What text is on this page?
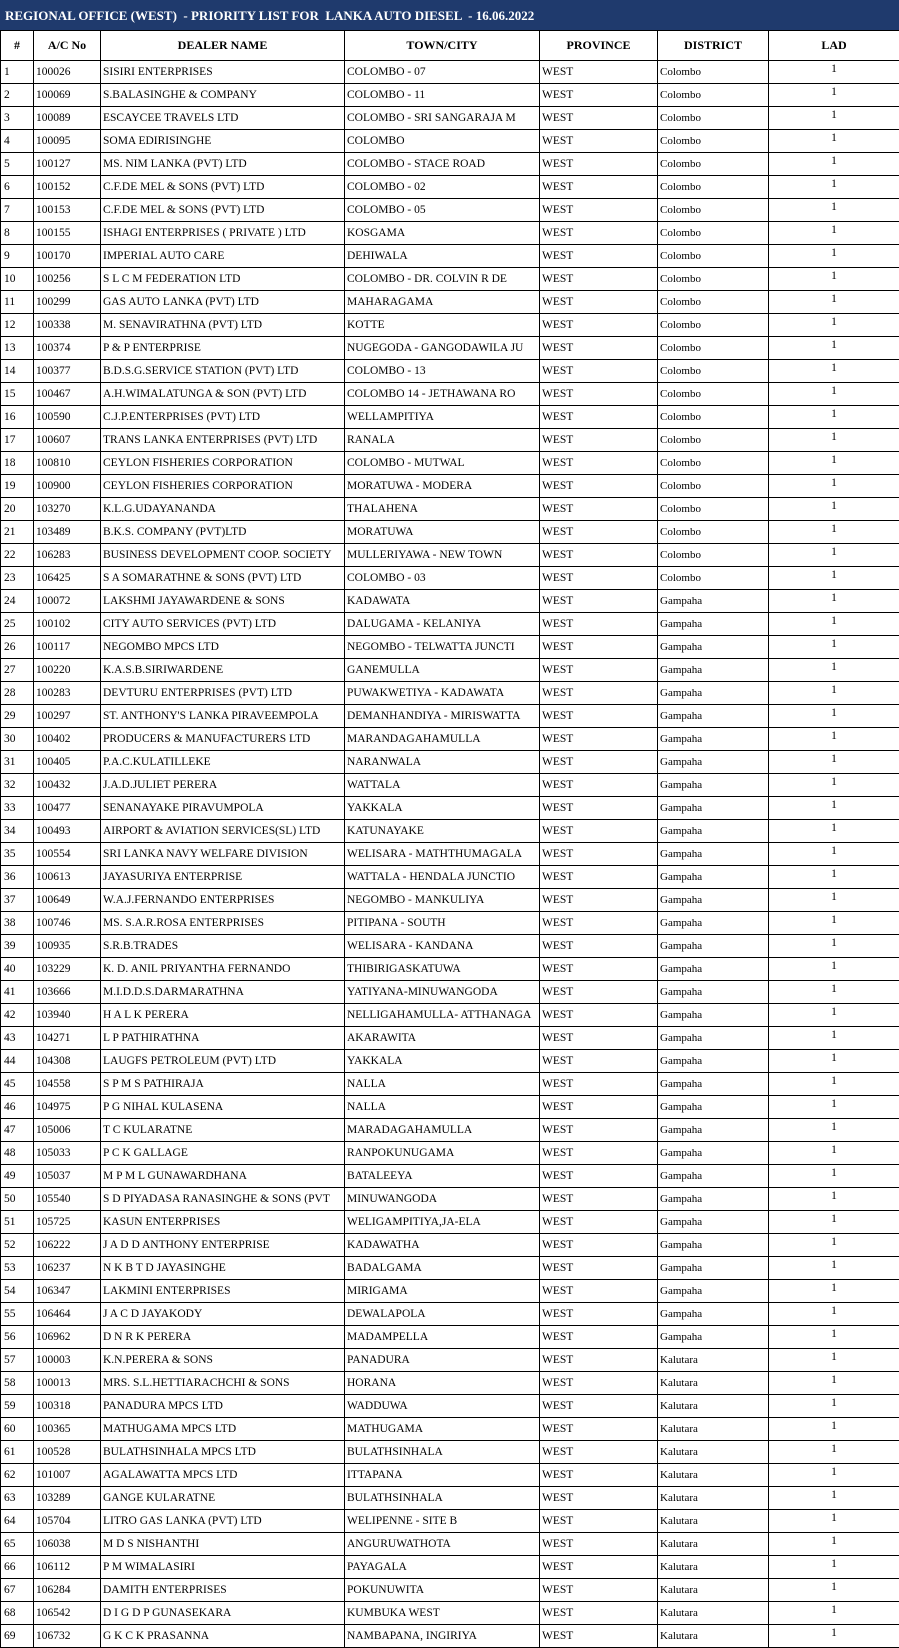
REGIONAL OFFICE (WEST)  - PRIORITY LIST FOR  LANKA AUTO DIESEL  - 16.06.2022
#	A/C No	DEALER NAME	TOWN/CITY	PROVINCE	DISTRICT	LAD
1	100026	SISIRI ENTERPRISES	COLOMBO - 07	WEST	Colombo	1
2	100069	S.BALASINGHE & COMPANY	COLOMBO - 11	WEST	Colombo	1
3	100089	ESCAYCEE TRAVELS LTD	COLOMBO - SRI SANGARAJA M	WEST	Colombo	1
4	100095	SOMA EDIRISINGHE	COLOMBO	WEST	Colombo	1
5	100127	MS. NIM LANKA (PVT) LTD	COLOMBO - STACE ROAD	WEST	Colombo	1
6	100152	C.F.DE MEL & SONS (PVT) LTD	COLOMBO - 02	WEST	Colombo	1
7	100153	C.F.DE MEL & SONS (PVT) LTD	COLOMBO - 05	WEST	Colombo	1
8	100155	ISHAGI ENTERPRISES ( PRIVATE ) LTD	KOSGAMA	WEST	Colombo	1
9	100170	IMPERIAL AUTO CARE	DEHIWALA	WEST	Colombo	1
10	100256	S L C M FEDERATION LTD	COLOMBO - DR. COLVIN R DE	WEST	Colombo	1
11	100299	GAS AUTO LANKA (PVT) LTD	MAHARAGAMA	WEST	Colombo	1
12	100338	M. SENAVIRATHNA (PVT) LTD	KOTTE	WEST	Colombo	1
13	100374	P & P ENTERPRISE	NUGEGODA - GANGODAWILA JU	WEST	Colombo	1
14	100377	B.D.S.G.SERVICE STATION (PVT) LTD	COLOMBO - 13	WEST	Colombo	1
15	100467	A.H.WIMALATUNGA & SON (PVT) LTD	COLOMBO 14 - JETHAWANA RO	WEST	Colombo	1
16	100590	C.J.P.ENTERPRISES (PVT) LTD	WELLAMPITIYA	WEST	Colombo	1
17	100607	TRANS LANKA ENTERPRISES (PVT) LTD	RANALA	WEST	Colombo	1
18	100810	CEYLON FISHERIES CORPORATION	COLOMBO - MUTWAL	WEST	Colombo	1
19	100900	CEYLON FISHERIES CORPORATION	MORATUWA - MODERA	WEST	Colombo	1
20	103270	K.L.G.UDAYANANDA	THALAHENA	WEST	Colombo	1
21	103489	B.K.S. COMPANY (PVT)LTD	MORATUWA	WEST	Colombo	1
22	106283	BUSINESS DEVELOPMENT COOP. SOCIETY	MULLERIYAWA - NEW TOWN	WEST	Colombo	1
23	106425	S A SOMARATHNE & SONS (PVT) LTD	COLOMBO - 03	WEST	Colombo	1
24	100072	LAKSHMI JAYAWARDENE & SONS	KADAWATA	WEST	Gampaha	1
25	100102	CITY AUTO SERVICES (PVT) LTD	DALUGAMA - KELANIYA	WEST	Gampaha	1
26	100117	NEGOMBO MPCS LTD	NEGOMBO - TELWATTA JUNCTI	WEST	Gampaha	1
27	100220	K.A.S.B.SIRIWARDENE	GANEMULLA	WEST	Gampaha	1
28	100283	DEVTURU ENTERPRISES (PVT) LTD	PUWAKWETIYA - KADAWATA	WEST	Gampaha	1
29	100297	ST. ANTHONY'S LANKA PIRAVEEMPOLA	DEMANHANDIYA - MIRISWATTA	WEST	Gampaha	1
30	100402	PRODUCERS & MANUFACTURERS LTD	MARANDAGAHAMULLA	WEST	Gampaha	1
31	100405	P.A.C.KULATILLEKE	NARANWALA	WEST	Gampaha	1
32	100432	J.A.D.JULIET PERERA	WATTALA	WEST	Gampaha	1
33	100477	SENANAYAKE PIRAVUMPOLA	YAKKALA	WEST	Gampaha	1
34	100493	AIRPORT & AVIATION SERVICES(SL) LTD	KATUNAYAKE	WEST	Gampaha	1
35	100554	SRI LANKA NAVY WELFARE DIVISION	WELISARA - MATHTHUMAGALA	WEST	Gampaha	1
36	100613	JAYASURIYA ENTERPRISE	WATTALA - HENDALA JUNCTIO	WEST	Gampaha	1
37	100649	W.A.J.FERNANDO ENTERPRISES	NEGOMBO - MANKULIYA	WEST	Gampaha	1
38	100746	MS. S.A.R.ROSA ENTERPRISES	PITIPANA - SOUTH	WEST	Gampaha	1
39	100935	S.R.B.TRADES	WELISARA - KANDANA	WEST	Gampaha	1
40	103229	K. D. ANIL PRIYANTHA FERNANDO	THIBIRIGASKATUWA	WEST	Gampaha	1
41	103666	M.I.D.D.S.DARMARATHNA	YATIYANA-MINUWANGODA	WEST	Gampaha	1
42	103940	H A L K PERERA	NELLIGAHAMULLA- ATTHANAGA	WEST	Gampaha	1
43	104271	L P PATHIRATHNA	AKARAWITA	WEST	Gampaha	1
44	104308	LAUGFS PETROLEUM (PVT) LTD	YAKKALA	WEST	Gampaha	1
45	104558	S P M S PATHIRAJA	NALLA	WEST	Gampaha	1
46	104975	P G NIHAL KULASENA	NALLA	WEST	Gampaha	1
47	105006	T C KULARATNE	MARADAGAHAMULLA	WEST	Gampaha	1
48	105033	P C K GALLAGE	RANPOKUNUGAMA	WEST	Gampaha	1
49	105037	M P M L GUNAWARDHANA	BATALEEYA	WEST	Gampaha	1
50	105540	S D PIYADASA RANASINGHE & SONS (PVT	MINUWANGODA	WEST	Gampaha	1
51	105725	KASUN ENTERPRISES	WELIGAMPITIYA,JA-ELA	WEST	Gampaha	1
52	106222	J A D D ANTHONY ENTERPRISE	KADAWATHA	WEST	Gampaha	1
53	106237	N K B T D JAYASINGHE	BADALGAMA	WEST	Gampaha	1
54	106347	LAKMINI ENTERPRISES	MIRIGAMA	WEST	Gampaha	1
55	106464	J A C D JAYAKODY	DEWALAPOLA	WEST	Gampaha	1
56	106962	D N R K PERERA	MADAMPELLA	WEST	Gampaha	1
57	100003	K.N.PERERA & SONS	PANADURA	WEST	Kalutara	1
58	100013	MRS. S.L.HETTIARACHCHI & SONS	HORANA	WEST	Kalutara	1
59	100318	PANADURA MPCS LTD	WADDUWA	WEST	Kalutara	1
60	100365	MATHUGAMA MPCS LTD	MATHUGAMA	WEST	Kalutara	1
61	100528	BULATHSINHALA MPCS LTD	BULATHSINHALA	WEST	Kalutara	1
62	101007	AGALAWATTA MPCS LTD	ITTAPANA	WEST	Kalutara	1
63	103289	GANGE KULARATNE	BULATHSINHALA	WEST	Kalutara	1
64	105704	LITRO GAS LANKA (PVT) LTD	WELIPENNE - SITE B	WEST	Kalutara	1
65	106038	M D S NISHANTHI	ANGURUWATHOTA	WEST	Kalutara	1
66	106112	P M WIMALASIRI	PAYAGALA	WEST	Kalutara	1
67	106284	DAMITH ENTERPRISES	POKUNUWITA	WEST	Kalutara	1
68	106542	D I G D P GUNASEKARA	KUMBUKA WEST	WEST	Kalutara	1
69	106732	G K C K PRASANNA	NAMBAPANA, INGIRIYA	WEST	Kalutara	1
